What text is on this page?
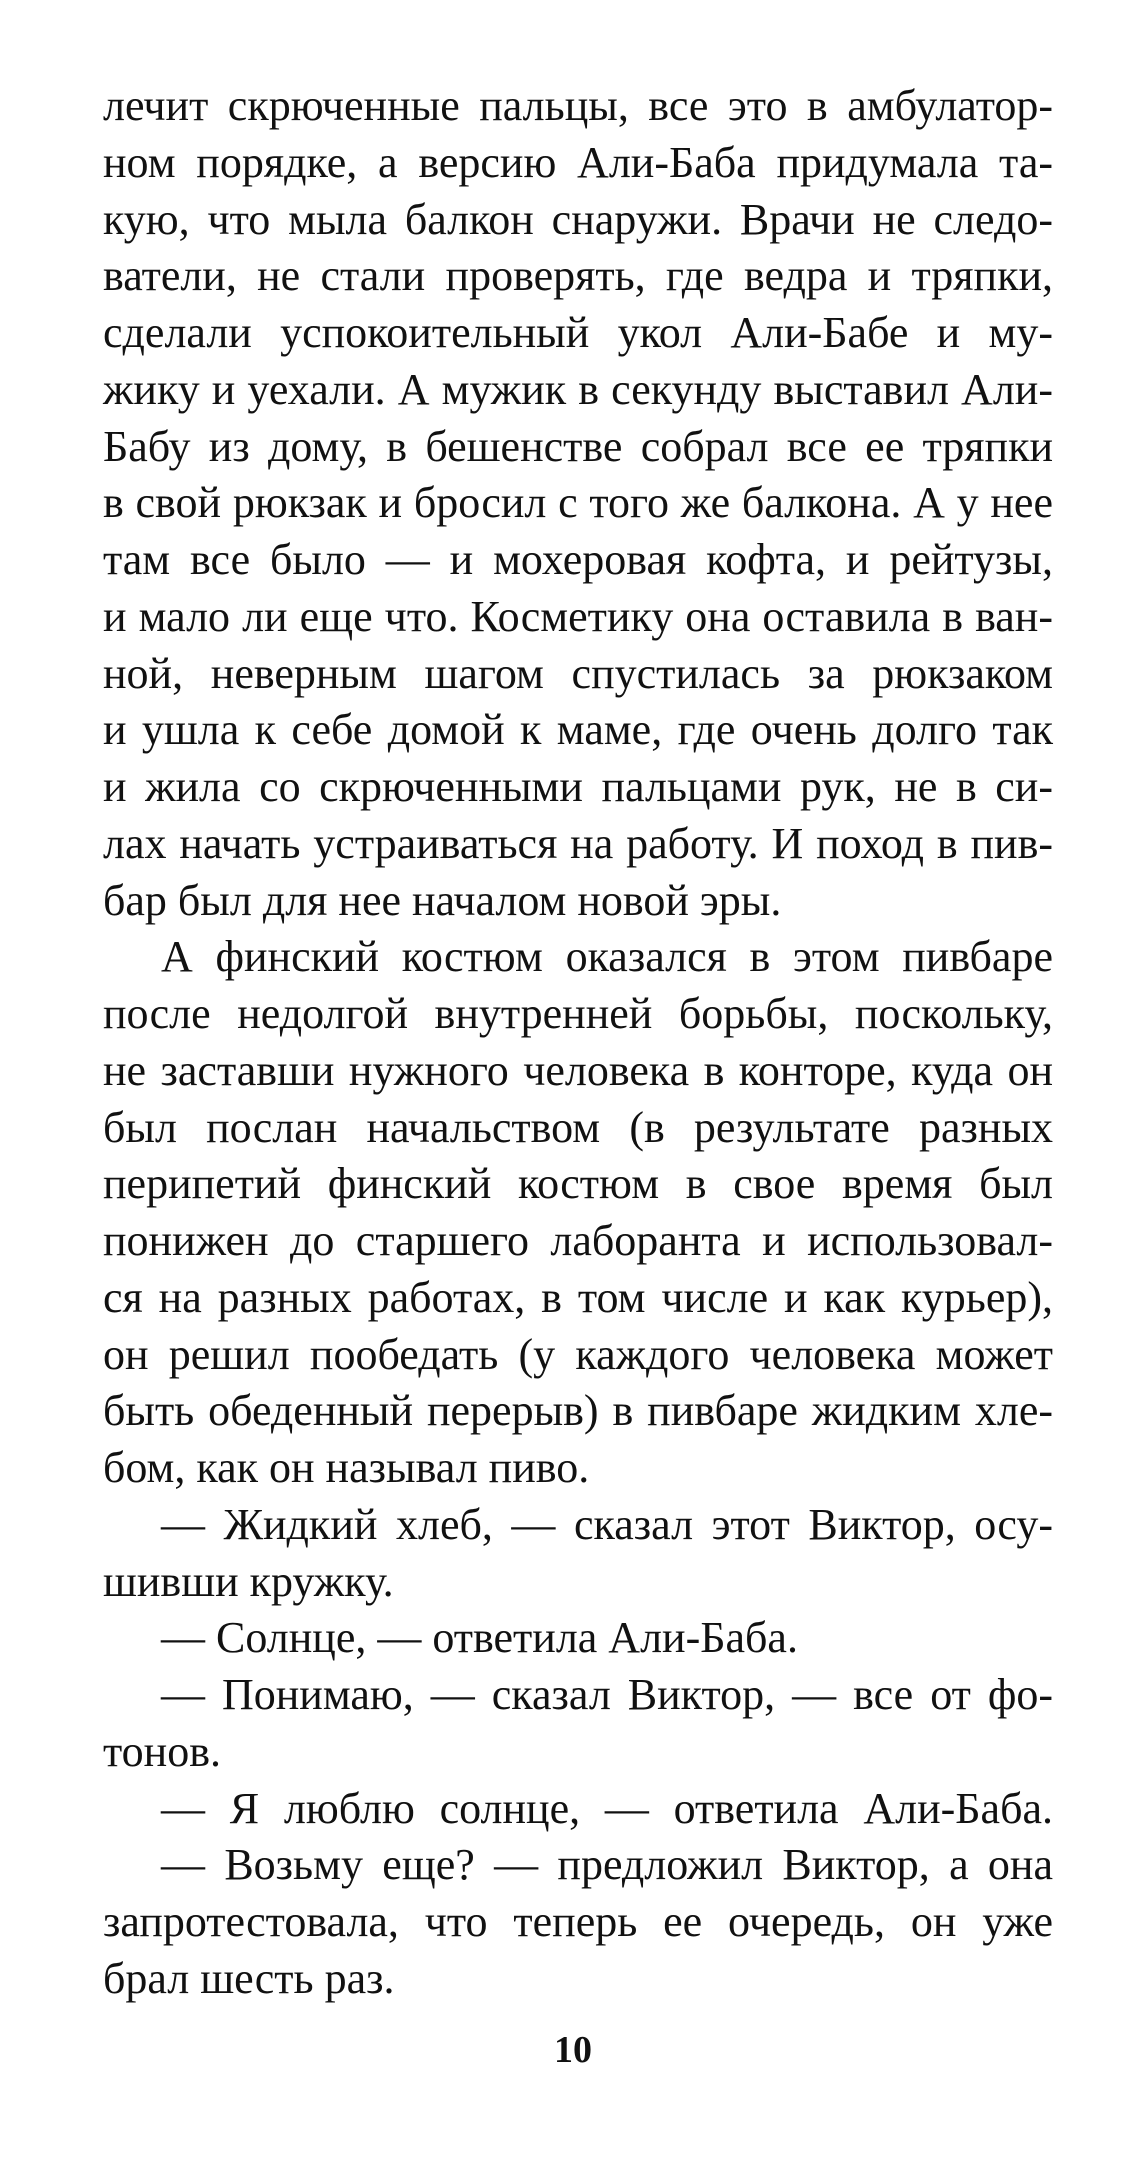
лечит скрюченные пальцы, все это в амбулатор-
ном порядке, а версию Али-Баба придумала та-
кую, что мыла балкон снаружи. Врачи не следо-
ватели, не стали проверять, где ведра и тряпки,
сделали успокоительный укол Али-Бабе и му-
жику и уехали. А мужик в секунду выставил Али-
Бабу из дому, в бешенстве собрал все ее тряпки
в свой рюкзак и бросил с того же балкона. А у нее
там все было — и мохеровая кофта, и рейтузы,
и мало ли еще что. Косметику она оставила в ван-
ной, неверным шагом спустилась за рюкзаком
и ушла к себе домой к маме, где очень долго так
и жила со скрюченными пальцами рук, не в си-
лах начать устраиваться на работу. И поход в пив-
бар был для нее началом новой эры.
А финский костюм оказался в этом пивбаре
после недолгой внутренней борьбы, поскольку,
не заставши нужного человека в конторе, куда он
был послан начальством (в результате разных
перипетий финский костюм в свое время был
понижен до старшего лаборанта и использовал-
ся на разных работах, в том числе и как курьер),
он решил пообедать (у каждого человека может
быть обеденный перерыв) в пивбаре жидким хле-
бом, как он называл пиво.
— Жидкий хлеб, — сказал этот Виктор, осу-
шивши кружку.
— Солнце, — ответила Али-Баба.
— Понимаю, — сказал Виктор, — все от фо-
тонов.
— Я люблю солнце, — ответила Али-Баба.
— Возьму еще? — предложил Виктор, а она
запротестовала, что теперь ее очередь, он уже
брал шесть раз.
10
